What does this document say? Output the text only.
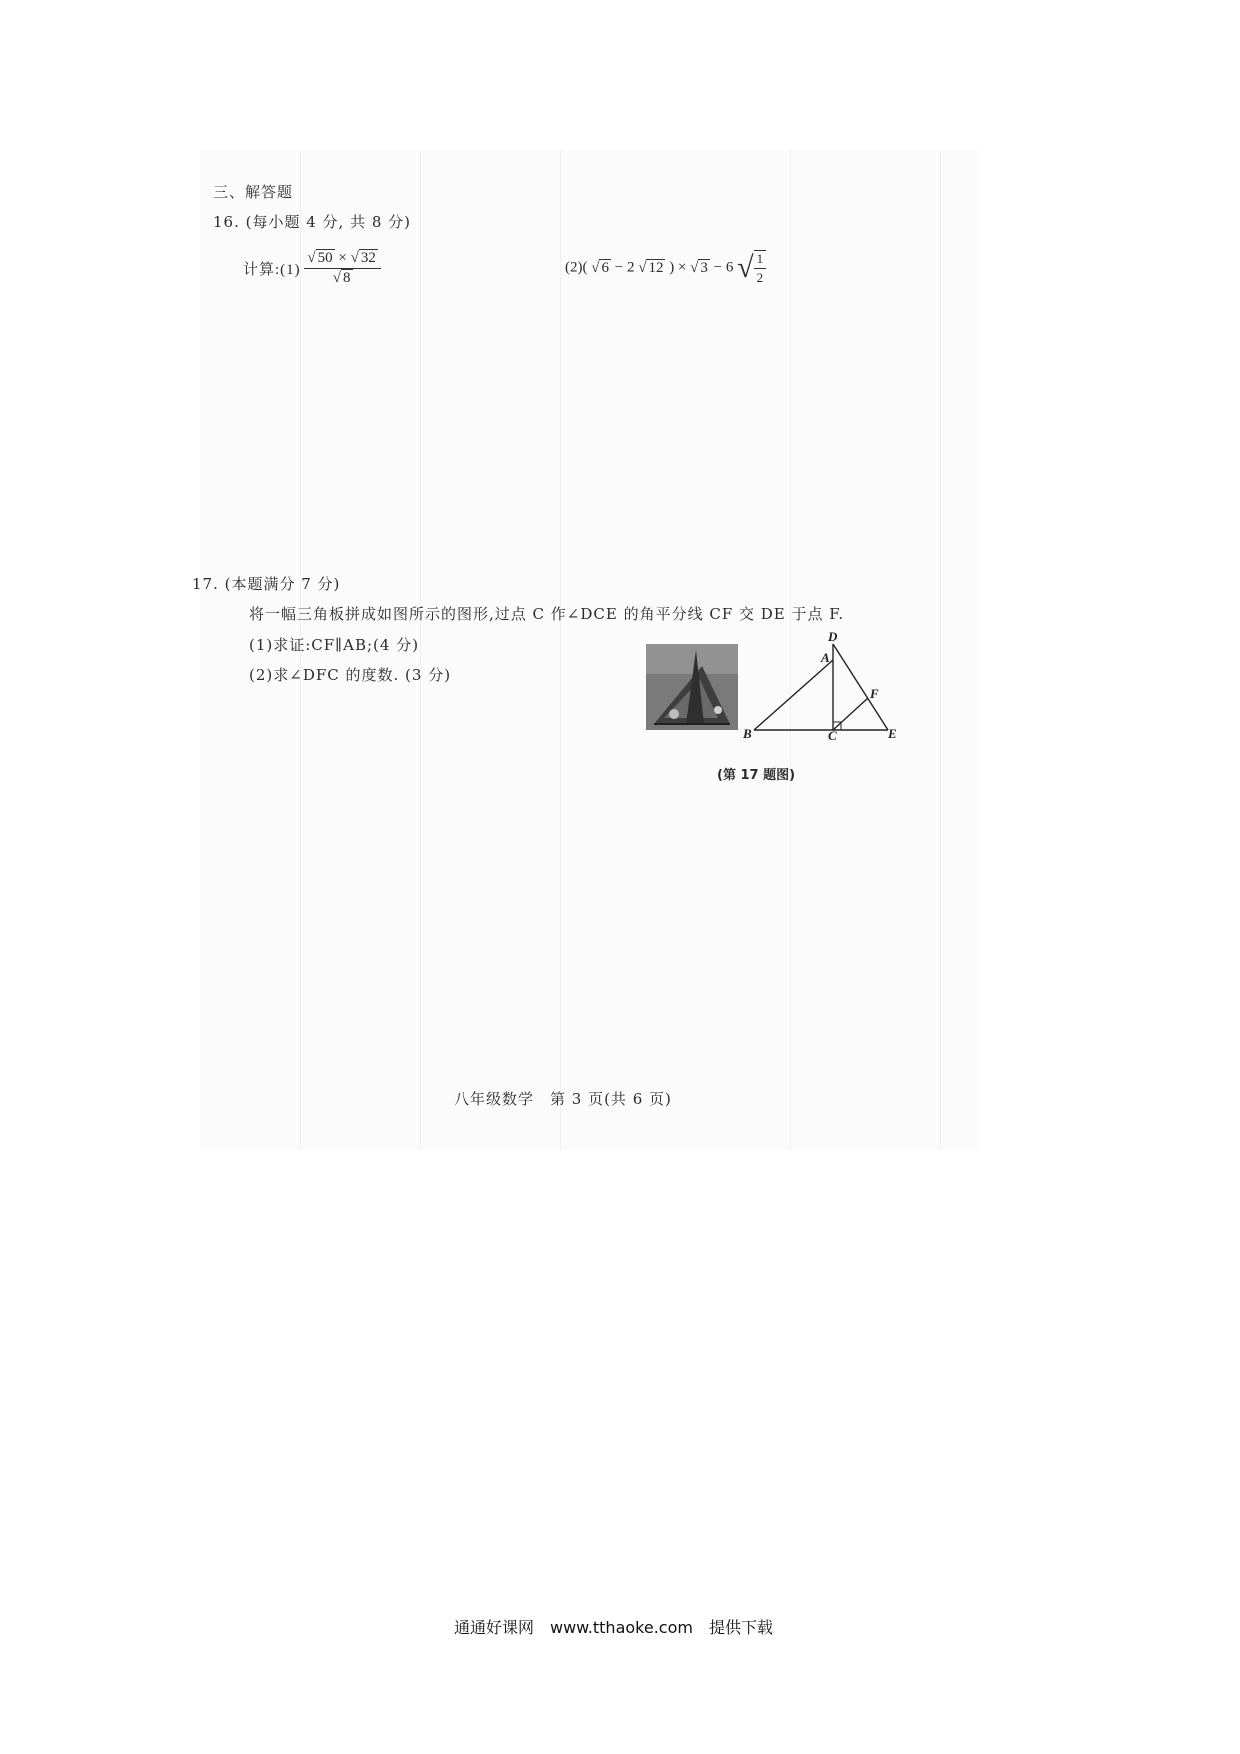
三、解答题
16. (每小题 4 分, 共 8 分)
计算:(1) $\frac{√ 50 \times √ 32}{√ 8}$	(2)( √ 6 − 2 √ 12 ) × √ 3 − 6 √ $\frac{1}{2}$
17. (本题满分 7 分)
将一幅三角板拼成如图所示的图形,过点 C 作∠DCE 的角平分线 CF 交 DE 于点 F.
(1)求证:CF∥AB;(4 分)
(2)求∠DFC 的度数. (3 分)
D
A
F
B	C	E
(第 17 题图)
八年级数学　第 3 页(共 6 页)
通通好课网　www.tthaoke.com　提供下载
